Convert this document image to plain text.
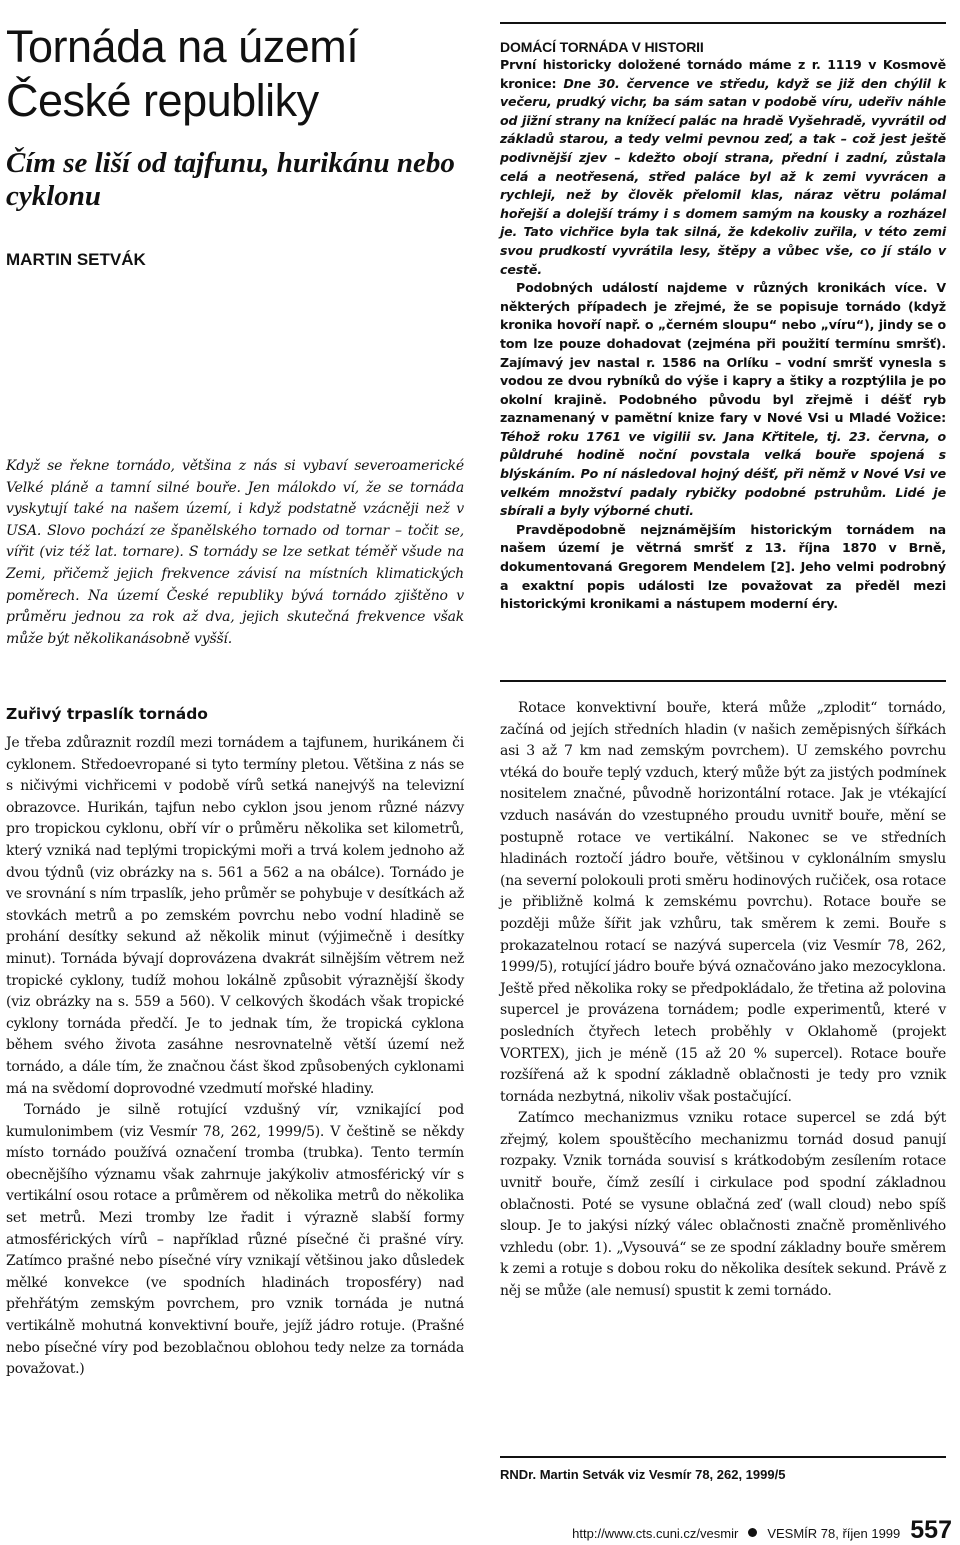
Tornáda na území České republiky
Čím se liší od tajfunu, hurikánu nebo cyklonu
MARTIN SETVÁK

Když se řekne tornádo, většina z nás si vybaví severoamerické Velké pláně a tamní silné bouře. Jen málokdo ví, že se tornáda vyskytují také na našem území, i když podstatně vzácněji než v USA. Slovo pochází ze španělského tornado od tornar – točit se, vířit (viz též lat. tornare). S tornády se lze setkat téměř všude na Zemi, přičemž jejich frekvence závisí na místních klimatických poměrech. Na území České republiky bývá tornádo zjištěno v průměru jednou za rok až dva, jejich skutečná frekvence však může být několikanásobně vyšší.

Zuřivý trpaslík tornádo

Je třeba zdůraznit rozdíl mezi tornádem a tajfunem, hurikánem či cyklonem. Středoevropané si tyto termíny pletou. Většina z nás se s ničivými vichřicemi v podobě vírů setká nanejvýš na televizní obrazovce. Hurikán, tajfun nebo cyklon jsou jenom různé názvy pro tropickou cyklonu, obří vír o průměru několika set kilometrů, který vzniká nad teplými tropickými moři a trvá kolem jednoho až dvou týdnů (viz obrázky na s. 561 a 562 a na obálce). Tornádo je ve srovnání s ním trpaslík, jeho průměr se pohybuje v desítkách až stovkách metrů a po zemském povrchu nebo vodní hladině se prohání desítky sekund až několik minut (výjimečně i desítky minut). Tornáda bývají doprovázena dvakrát silnějším větrem než tropické cyklony, tudíž mohou lokálně způsobit výraznější škody (viz obrázky na s. 559 a 560). V celkových škodách však tropické cyklony tornáda předčí. Je to jednak tím, že tropická cyklona během svého života zasáhne nesrovnatelně větší území než tornádo, a dále tím, že značnou část škod způsobených cyklonami má na svědomí doprovodné vzedmutí mořské hladiny.

Tornádo je silně rotující vzdušný vír, vznikající pod kumulonimbem (viz Vesmír 78, 262, 1999/5). V češtině se někdy místo tornádo používá označení tromba (trubka). Tento termín obecnějšího významu však zahrnuje jakýkoliv atmosférický vír s vertikální osou rotace a průměrem od několika metrů do několika set metrů. Mezi tromby lze řadit i výrazně slabší formy atmosférických vírů – například různé písečné či prašné víry. Zatímco prašné nebo písečné víry vznikají většinou jako důsledek mělké konvekce (ve spodních hladinách troposféry) nad přehřátým zemským povrchem, pro vznik tornáda je nutná vertikálně mohutná konvektivní bouře, jejíž jádro rotuje. (Prašné nebo písečné víry pod bezoblačnou oblohou tedy nelze za tornáda považovat.)

DOMÁCÍ TORNÁDA V HISTORII

První historicky doložené tornádo máme z r. 1119 v Kosmově kronice: Dne 30. července ve středu, když se již den chýlil k večeru, prudký vichr, ba sám satan v podobě víru, udeřiv náhle od jižní strany na knížecí palác na hradě Vyšehradě, vyvrátil od základů starou, a tedy velmi pevnou zeď, a tak – což jest ještě podivnější zjev – kdežto obojí strana, přední i zadní, zůstala celá a neotřesená, střed paláce byl až k zemi vyvrácen a rychleji, než by člověk přelomil klas, náraz větru polámal hořejší a dolejší trámy i s domem samým na kousky a rozházel je. Tato vichřice byla tak silná, že kdekoliv zuřila, v této zemi svou prudkostí vyvrátila lesy, štěpy a vůbec vše, co jí stálo v cestě.

Podobných událostí najdeme v různých kronikách více. V některých případech je zřejmé, že se popisuje tornádo (když kronika hovoří např. o „černém sloupu“ nebo „víru“), jindy se o tom lze pouze dohadovat (zejména při použití termínu smršť). Zajímavý jev nastal r. 1586 na Orlíku – vodní smršť vynesla s vodou ze dvou rybníků do výše i kapry a štiky a rozptýlila je po okolní krajině. Podobného původu byl zřejmě i déšť ryb zaznamenaný v pamětní knize fary v Nové Vsi u Mladé Vožice: Téhož roku 1761 ve vigilii sv. Jana Křtitele, tj. 23. června, o půldruhé hodině noční povstala velká bouře spojená s blýskáním. Po ní následoval hojný déšť, při němž v Nové Vsi ve velkém množství padaly rybičky podobné pstruhům. Lidé je sbírali a byly výborné chuti.

Pravděpodobně nejznámějším historickým tornádem na našem území je větrná smršť z 13. října 1870 v Brně, dokumentovaná Gregorem Mendelem [2]. Jeho velmi podrobný a exaktní popis události lze považovat za předěl mezi historickými kronikami a nástupem moderní éry.

Rotace konvektivní bouře, která může „zplodit“ tornádo, začíná od jejích středních hladin (v našich zeměpisných šířkách asi 3 až 7 km nad zemským povrchem). U zemského povrchu vtéká do bouře teplý vzduch, který může být za jistých podmínek nositelem značné, původně horizontální rotace. Jak je vtékající vzduch nasáván do vzestupného proudu uvnitř bouře, mění se postupně rotace ve vertikální. Nakonec se ve středních hladinách roztočí jádro bouře, většinou v cyklonálním smyslu (na severní polokouli proti směru hodinových ručiček, osa rotace je přibližně kolmá k zemskému povrchu). Rotace bouře se později může šířit jak vzhůru, tak směrem k zemi. Bouře s prokazatelnou rotací se nazývá supercela (viz Vesmír 78, 262, 1999/5), rotující jádro bouře bývá označováno jako mezocyklona. Ještě před několika roky se předpokládalo, že třetina až polovina supercel je provázena tornádem; podle experimentů, které v posledních čtyřech letech proběhly v Oklahomě (projekt VORTEX), jich je méně (15 až 20 % supercel). Rotace bouře rozšířená až k spodní základně oblačnosti je tedy pro vznik tornáda nezbytná, nikoliv však postačující.

Zatímco mechanizmus vzniku rotace supercel se zdá být zřejmý, kolem spouštěcího mechanizmu tornád dosud panují rozpaky. Vznik tornáda souvisí s krátkodobým zesílením rotace uvnitř bouře, čímž zesílí i cirkulace pod spodní základnou oblačnosti. Poté se vysune oblačná zeď (wall cloud) nebo spíš sloup. Je to jakýsi nízký válec oblačnosti značně proměnlivého vzhledu (obr. 1). „Vysouvá“ se ze spodní základny bouře směrem k zemi a rotuje s dobou roku do několika desítek sekund. Právě z něj se může (ale nemusí) spustit k zemi tornádo.

RNDr. Martin Setvák viz Vesmír 78, 262, 1999/5
http://www.cts.cuni.cz/vesmir VESMÍR 78, říjen 1999 557
